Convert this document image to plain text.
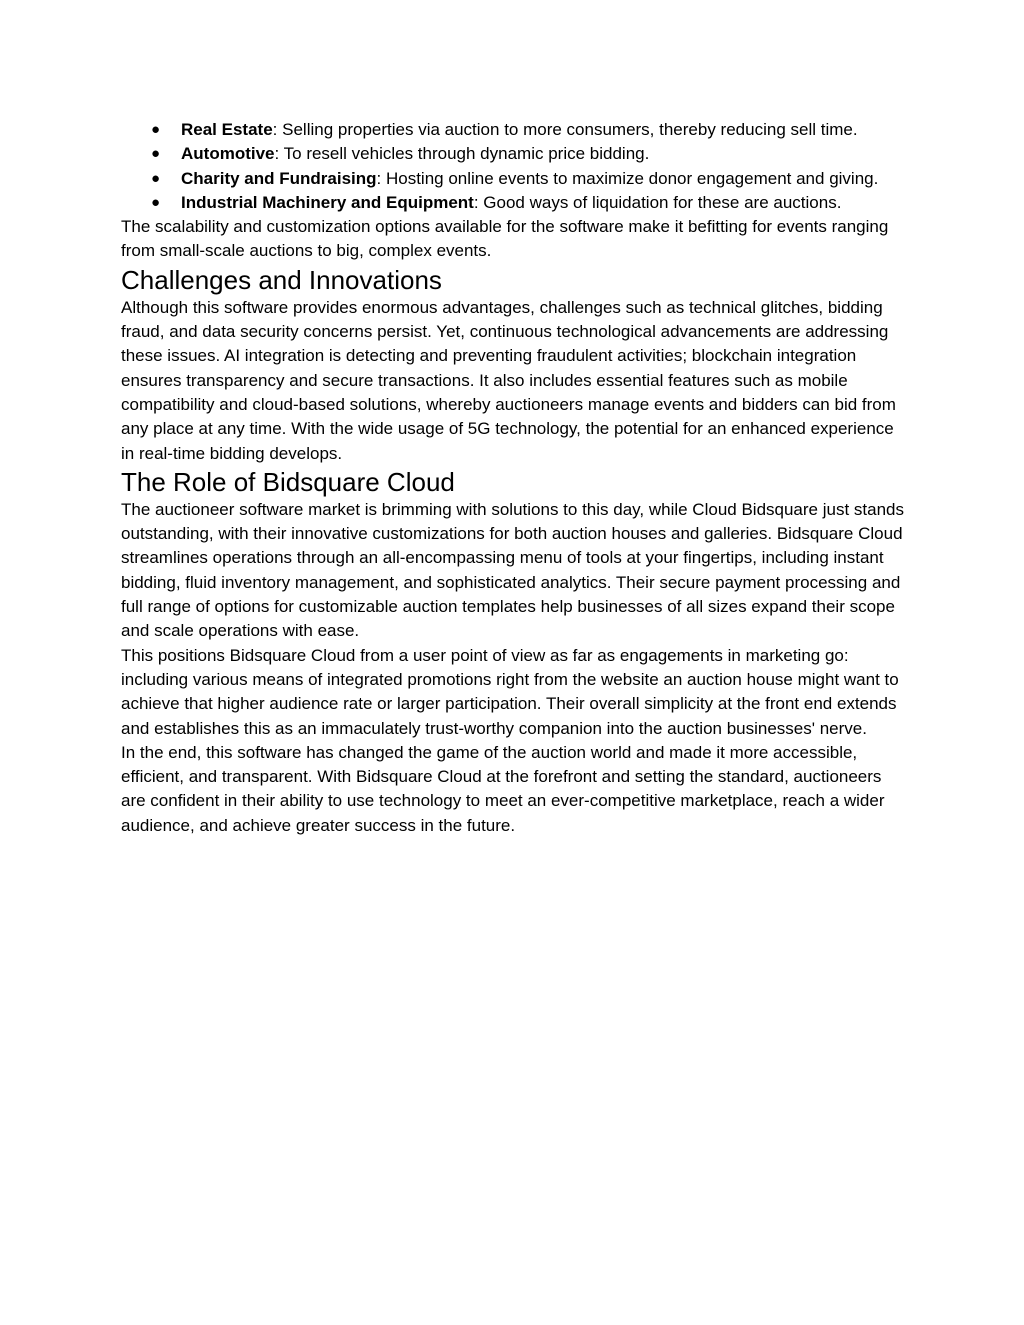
● Real Estate: Selling properties via auction to more consumers, thereby reducing sell time.
● Automotive: To resell vehicles through dynamic price bidding.
● Charity and Fundraising: Hosting online events to maximize donor engagement and giving.
● Industrial Machinery and Equipment: Good ways of liquidation for these are auctions.

The scalability and customization options available for the software make it befitting for events ranging from small-scale auctions to big, complex events.

Challenges and Innovations

Although this software provides enormous advantages, challenges such as technical glitches, bidding fraud, and data security concerns persist. Yet, continuous technological advancements are addressing these issues. AI integration is detecting and preventing fraudulent activities; blockchain integration ensures transparency and secure transactions. It also includes essential features such as mobile compatibility and cloud-based solutions, whereby auctioneers manage events and bidders can bid from any place at any time. With the wide usage of 5G technology, the potential for an enhanced experience in real-time bidding develops.

The Role of Bidsquare Cloud

The auctioneer software market is brimming with solutions to this day, while Cloud Bidsquare just stands outstanding, with their innovative customizations for both auction houses and galleries. Bidsquare Cloud streamlines operations through an all-encompassing menu of tools at your fingertips, including instant bidding, fluid inventory management, and sophisticated analytics. Their secure payment processing and full range of options for customizable auction templates help businesses of all sizes expand their scope and scale operations with ease.

This positions Bidsquare Cloud from a user point of view as far as engagements in marketing go: including various means of integrated promotions right from the website an auction house might want to achieve that higher audience rate or larger participation. Their overall simplicity at the front end extends and establishes this as an immaculately trust-worthy companion into the auction businesses' nerve.

In the end, this software has changed the game of the auction world and made it more accessible, efficient, and transparent. With Bidsquare Cloud at the forefront and setting the standard, auctioneers are confident in their ability to use technology to meet an ever-competitive marketplace, reach a wider audience, and achieve greater success in the future.
